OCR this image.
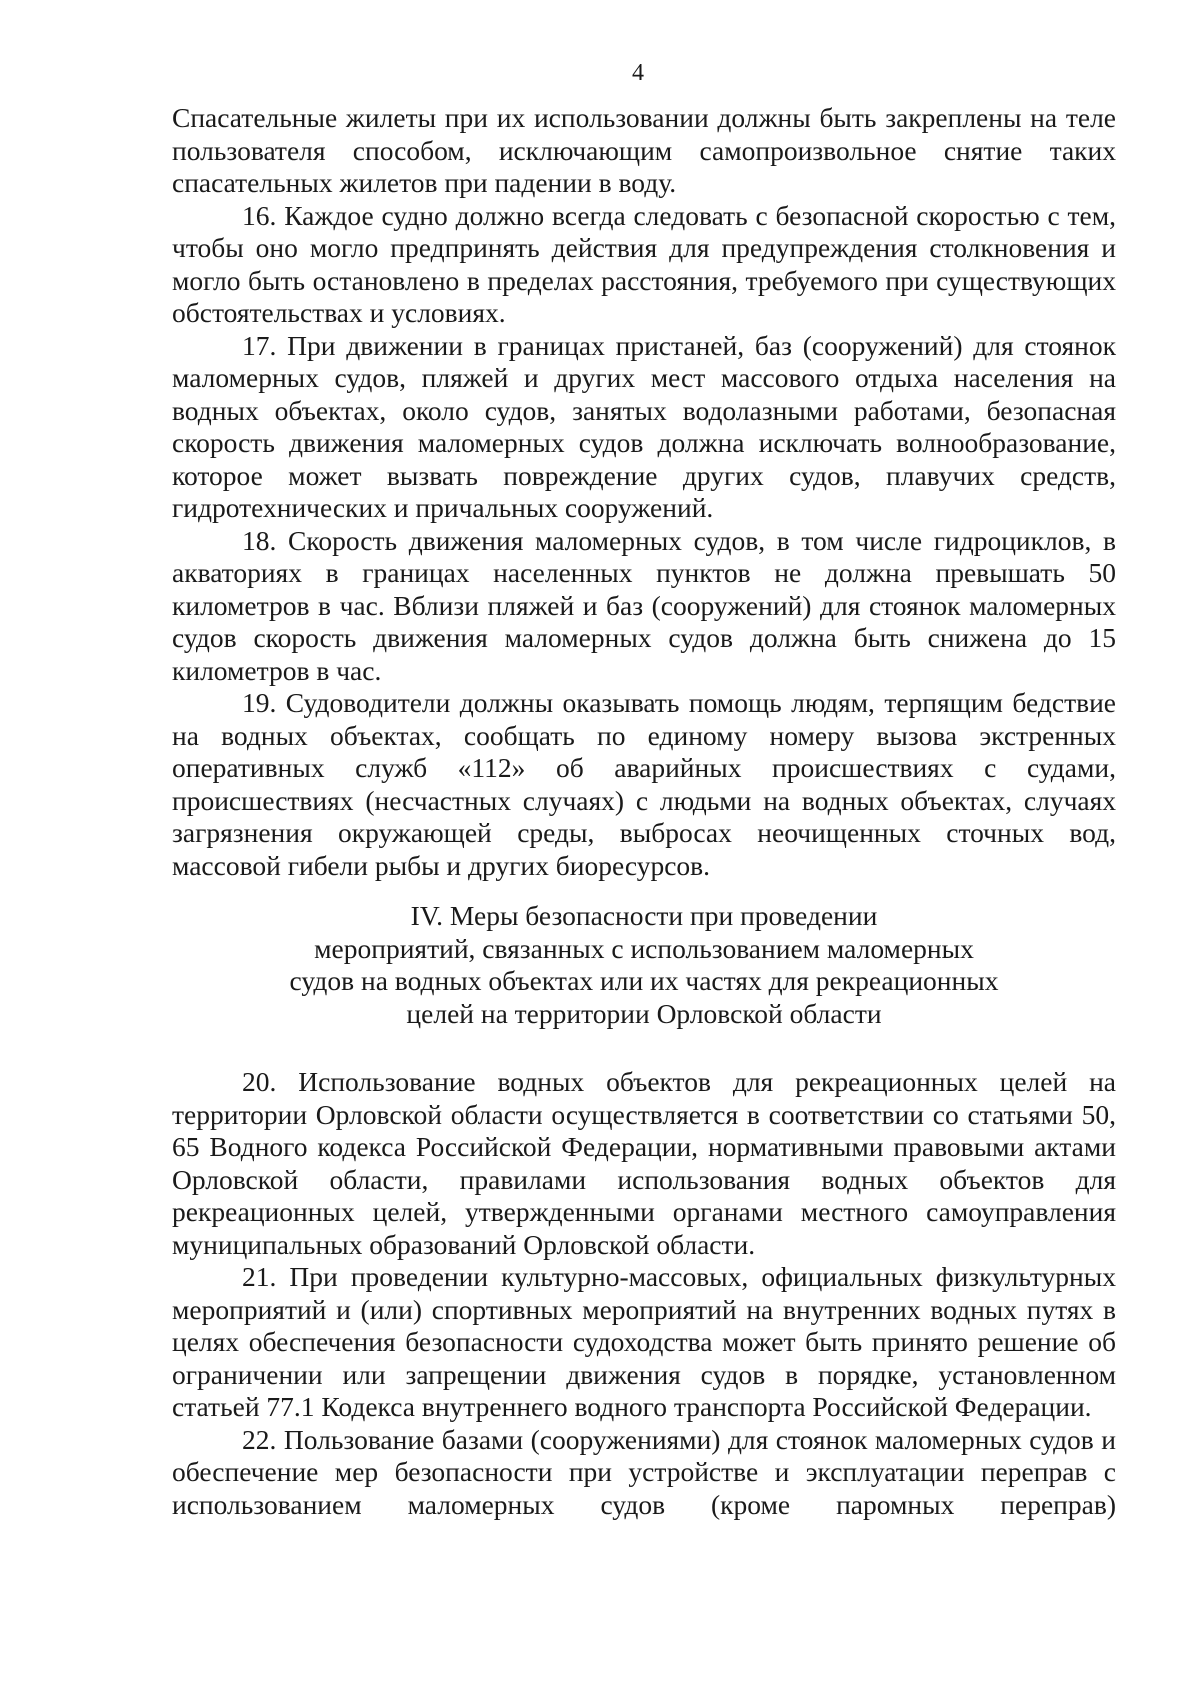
4

Спасательные жилеты при их использовании должны быть закреплены на теле пользователя способом, исключающим самопроизвольное снятие таких спасательных жилетов при падении в воду.

16. Каждое судно должно всегда следовать с безопасной скоростью с тем, чтобы оно могло предпринять действия для предупреждения столкновения и могло быть остановлено в пределах расстояния, требуемого при существующих обстоятельствах и условиях.

17. При движении в границах пристаней, баз (сооружений) для стоянок маломерных судов, пляжей и других мест массового отдыха населения на водных объектах, около судов, занятых водолазными работами, безопасная скорость движения маломерных судов должна исключать волнообразование, которое может вызвать повреждение других судов, плавучих средств, гидротехнических и причальных сооружений.

18. Скорость движения маломерных судов, в том числе гидроциклов, в акваториях в границах населенных пунктов не должна превышать 50 километров в час. Вблизи пляжей и баз (сооружений) для стоянок маломерных судов скорость движения маломерных судов должна быть снижена до 15 километров в час.

19. Судоводители должны оказывать помощь людям, терпящим бедствие на водных объектах, сообщать по единому номеру вызова экстренных оперативных служб «112» об аварийных происшествиях с судами, происшествиях (несчастных случаях) с людьми на водных объектах, случаях загрязнения окружающей среды, выбросах неочищенных сточных вод, массовой гибели рыбы и других биоресурсов.

IV. Меры безопасности при проведении
мероприятий, связанных с использованием маломерных
судов на водных объектах или их частях для рекреационных
целей на территории Орловской области

20. Использование водных объектов для рекреационных целей на территории Орловской области осуществляется в соответствии со статьями 50, 65 Водного кодекса Российской Федерации, нормативными правовыми актами Орловской области, правилами использования водных объектов для рекреационных целей, утвержденными органами местного самоуправления муниципальных образований Орловской области.

21. При проведении культурно-массовых, официальных физкультурных мероприятий и (или) спортивных мероприятий на внутренних водных путях в целях обеспечения безопасности судоходства может быть принято решение об ограничении или запрещении движения судов в порядке, установленном статьей 77.1 Кодекса внутреннего водного транспорта Российской Федерации.

22. Пользование базами (сооружениями) для стоянок маломерных судов и обеспечение мер безопасности при устройстве и эксплуатации переправ с использованием маломерных судов (кроме паромных переправ)
